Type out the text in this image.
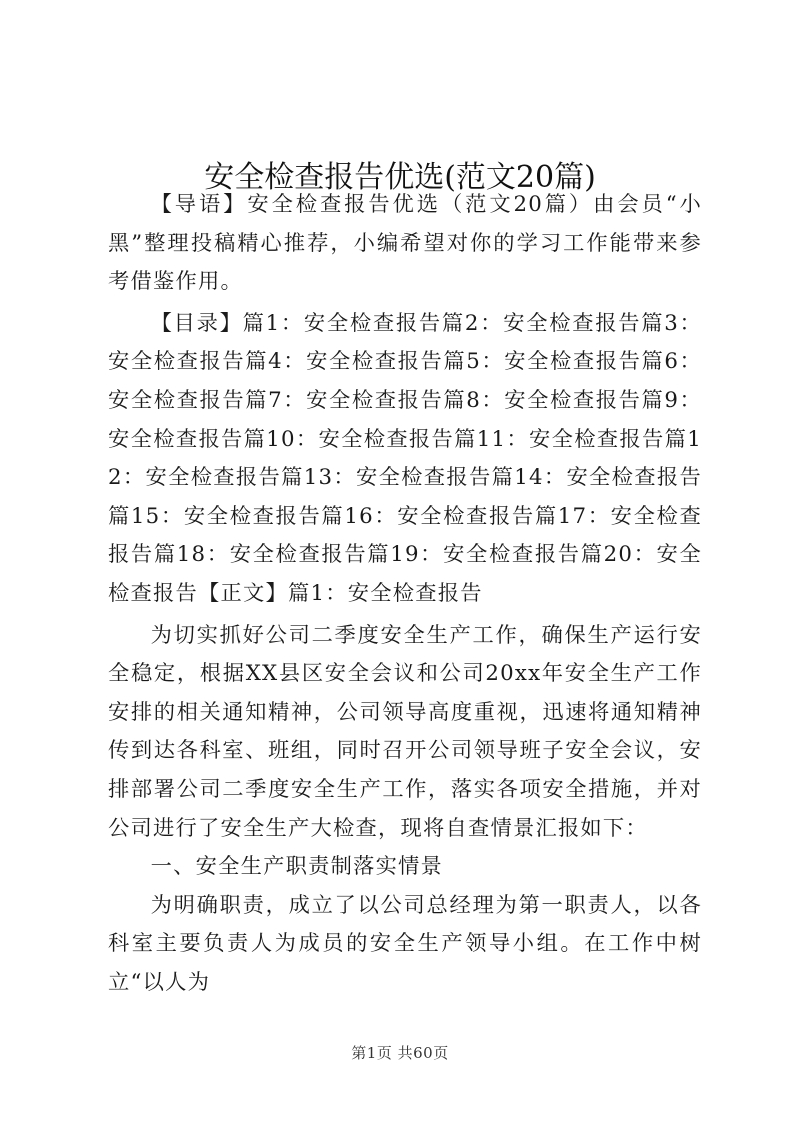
安全检查报告优选(范文20篇)

【导语】安全检查报告优选（范文20篇）由会员“小黑”整理投稿精心推荐，小编希望对你的学习工作能带来参考借鉴作用。

【目录】篇1：安全检查报告篇2：安全检查报告篇3：安全检查报告篇4：安全检查报告篇5：安全检查报告篇6：安全检查报告篇7：安全检查报告篇8：安全检查报告篇9：安全检查报告篇10：安全检查报告篇11：安全检查报告篇12：安全检查报告篇13：安全检查报告篇14：安全检查报告篇15：安全检查报告篇16：安全检查报告篇17：安全检查报告篇18：安全检查报告篇19：安全检查报告篇20：安全检查报告【正文】篇1：安全检查报告

为切实抓好公司二季度安全生产工作，确保生产运行安全稳定，根据XX县区安全会议和公司20xx年安全生产工作安排的相关通知精神，公司领导高度重视，迅速将通知精神传到达各科室、班组，同时召开公司领导班子安全会议，安排部署公司二季度安全生产工作，落实各项安全措施，并对公司进行了安全生产大检查，现将自查情景汇报如下：

一、安全生产职责制落实情景

为明确职责，成立了以公司总经理为第一职责人，以各科室主要负责人为成员的安全生产领导小组。在工作中树立“以人为

第1页 共60页
